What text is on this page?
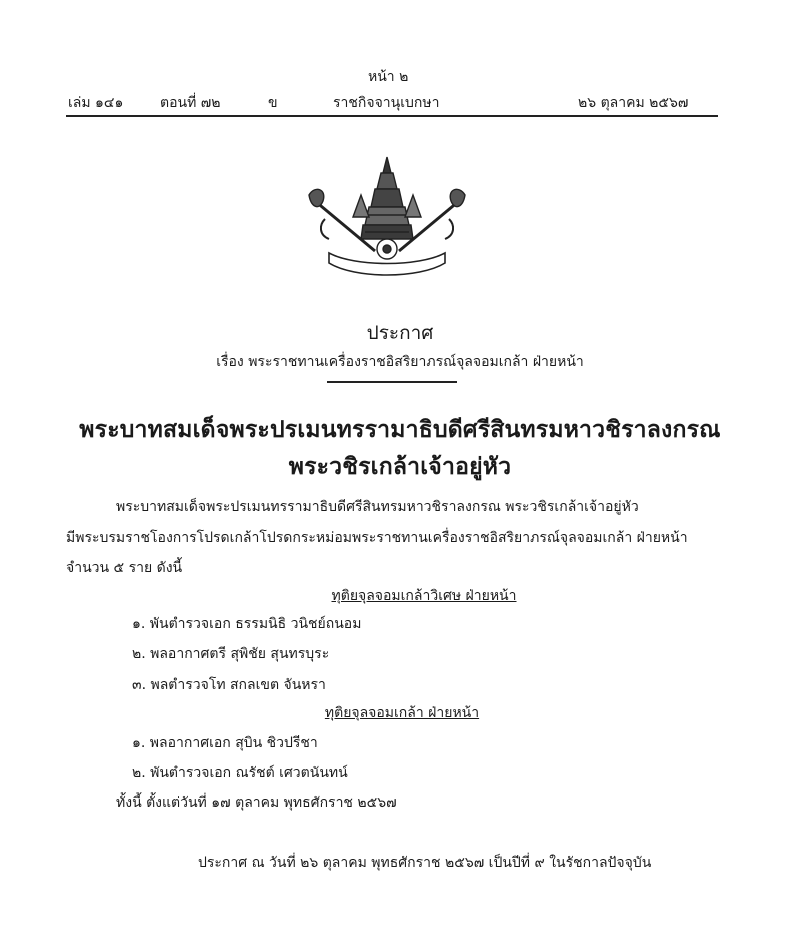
หน้า ๒
เล่ม ๑๔๑	ตอนที่ ๗๒	ข	ราชกิจจานุเบกษา	๒๖ ตุลาคม ๒๕๖๗
ประกาศ
เรื่อง พระราชทานเครื่องราชอิสริยาภรณ์จุลจอมเกล้า ฝ่ายหน้า
พระบาทสมเด็จพระปรเมนทรรามาธิบดีศรีสินทรมหาวชิราลงกรณ
พระวชิรเกล้าเจ้าอยู่หัว
พระบาทสมเด็จพระปรเมนทรรามาธิบดีศรีสินทรมหาวชิราลงกรณ พระวชิรเกล้าเจ้าอยู่หัว
มีพระบรมราชโองการโปรดเกล้าโปรดกระหม่อมพระราชทานเครื่องราชอิสริยาภรณ์จุลจอมเกล้า ฝ่ายหน้า
จำนวน ๕ ราย ดังนี้
ทุติยจุลจอมเกล้าวิเศษ ฝ่ายหน้า
๑. พันตำรวจเอก ธรรมนิธิ วนิชย์ถนอม
๒. พลอากาศตรี สุพิชัย สุนทรบุระ
๓. พลตำรวจโท สกลเขต จันหรา
ทุติยจุลจอมเกล้า ฝ่ายหน้า
๑. พลอากาศเอก สุบิน ชิวปรีชา
๒. พันตำรวจเอก ณรัชต์ เศวตนันทน์
ทั้งนี้ ตั้งแต่วันที่ ๑๗ ตุลาคม พุทธศักราช ๒๕๖๗
ประกาศ ณ วันที่ ๒๖ ตุลาคม พุทธศักราช ๒๕๖๗ เป็นปีที่ ๙ ในรัชกาลปัจจุบัน
